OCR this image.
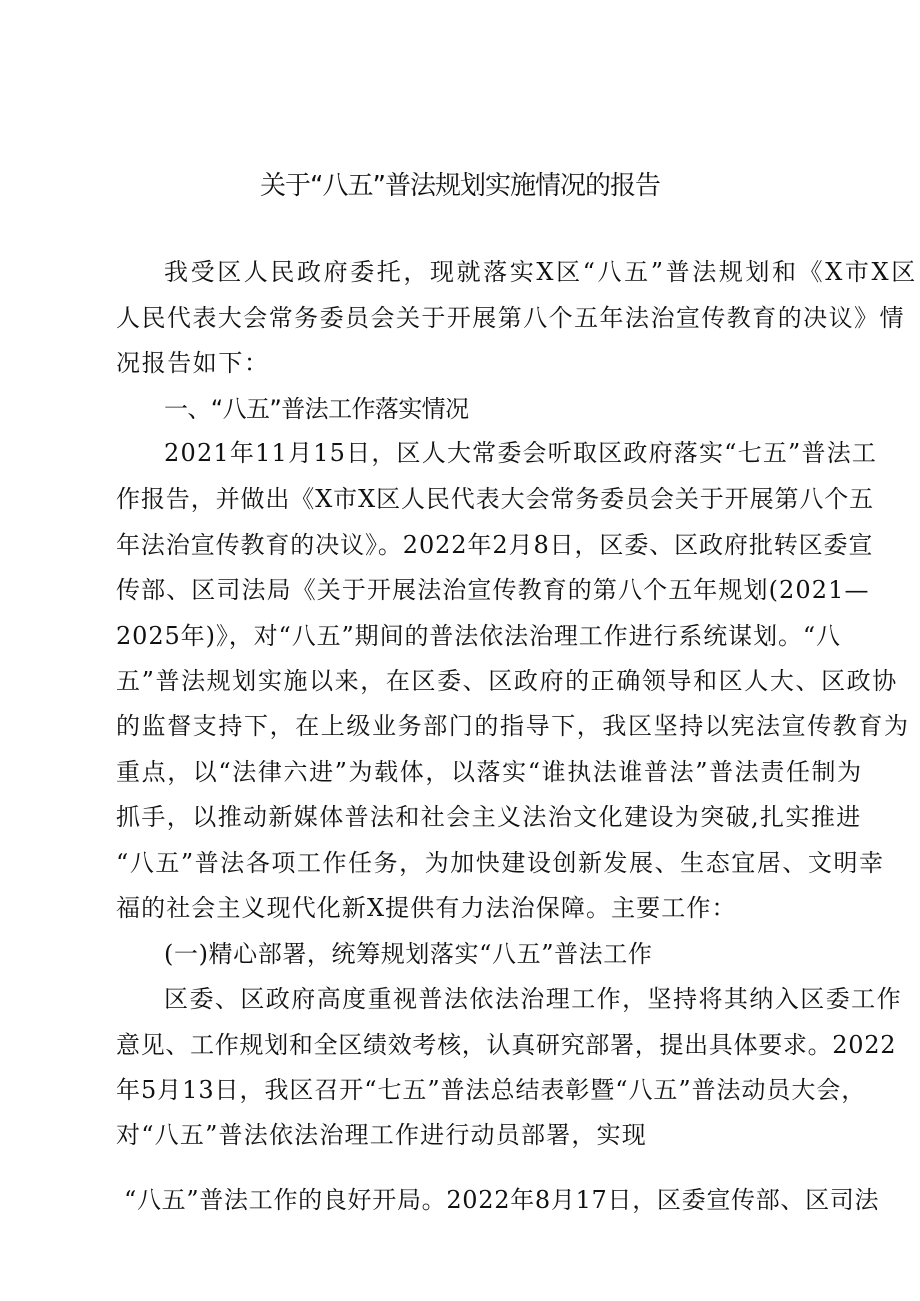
关于“八五”普法规划实施情况的报告

我受区人民政府委托，现就落实X区“八五”普法规划和《X市X区

人民代表大会常务委员会关于开展第八个五年法治宣传教育的决议》情

况报告如下：

一、“八五”普法工作落实情况

2021年11月15日，区人大常委会听取区政府落实“七五”普法工

作报告，并做出《X市X区人民代表大会常务委员会关于开展第八个五

年法治宣传教育的决议》。2022年2月8日，区委、区政府批转区委宣

传部、区司法局《关于开展法治宣传教育的第八个五年规划(2021—

2025年)》，对“八五”期间的普法依法治理工作进行系统谋划。“八

五”普法规划实施以来，在区委、区政府的正确领导和区人大、区政协

的监督支持下，在上级业务部门的指导下，我区坚持以宪法宣传教育为

重点，以“法律六进”为载体，以落实“谁执法谁普法”普法责任制为

抓手，以推动新媒体普法和社会主义法治文化建设为突破,扎实推进

“八五”普法各项工作任务，为加快建设创新发展、生态宜居、文明幸

福的社会主义现代化新X提供有力法治保障。主要工作：

(一)精心部署，统筹规划落实“八五”普法工作

区委、区政府高度重视普法依法治理工作，坚持将其纳入区委工作

意见、工作规划和全区绩效考核，认真研究部署，提出具体要求。2022

年5月13日，我区召开“七五”普法总结表彰暨“八五”普法动员大会，

对“八五”普法依法治理工作进行动员部署，实现

“八五”普法工作的良好开局。2022年8月17日，区委宣传部、区司法
